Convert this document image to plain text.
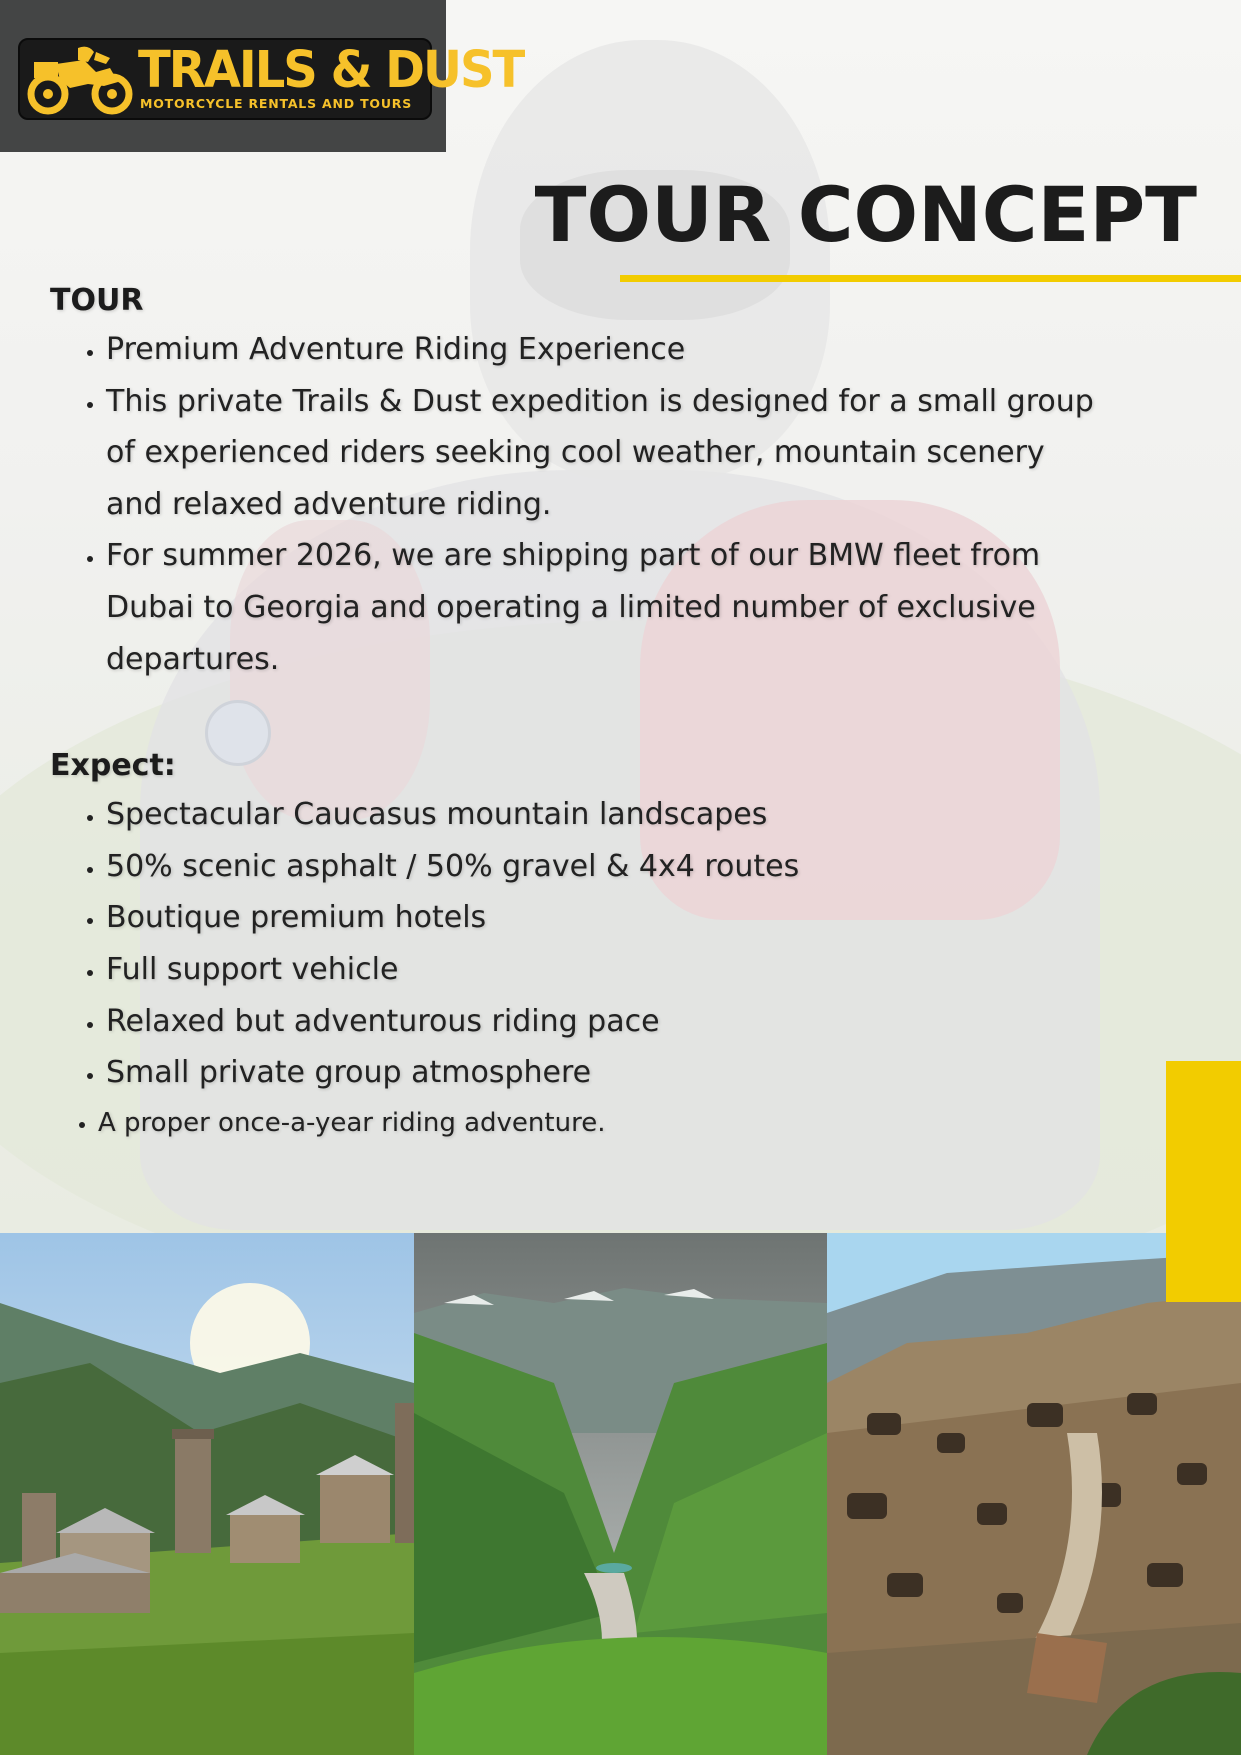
TRAILS & DUST
MOTORCYCLE RENTALS AND TOURS
TOUR CONCEPT
TOUR
• Premium Adventure Riding Experience
• This private Trails & Dust expedition is designed for a small group of experienced riders seeking cool weather, mountain scenery and relaxed adventure riding.
• For summer 2026, we are shipping part of our BMW fleet from Dubai to Georgia and operating a limited number of exclusive departures.
Expect:
• Spectacular Caucasus mountain landscapes
• 50% scenic asphalt / 50% gravel & 4x4 routes
• Boutique premium hotels
• Full support vehicle
• Relaxed but adventurous riding pace
• Small private group atmosphere
• A proper once-a-year riding adventure.
